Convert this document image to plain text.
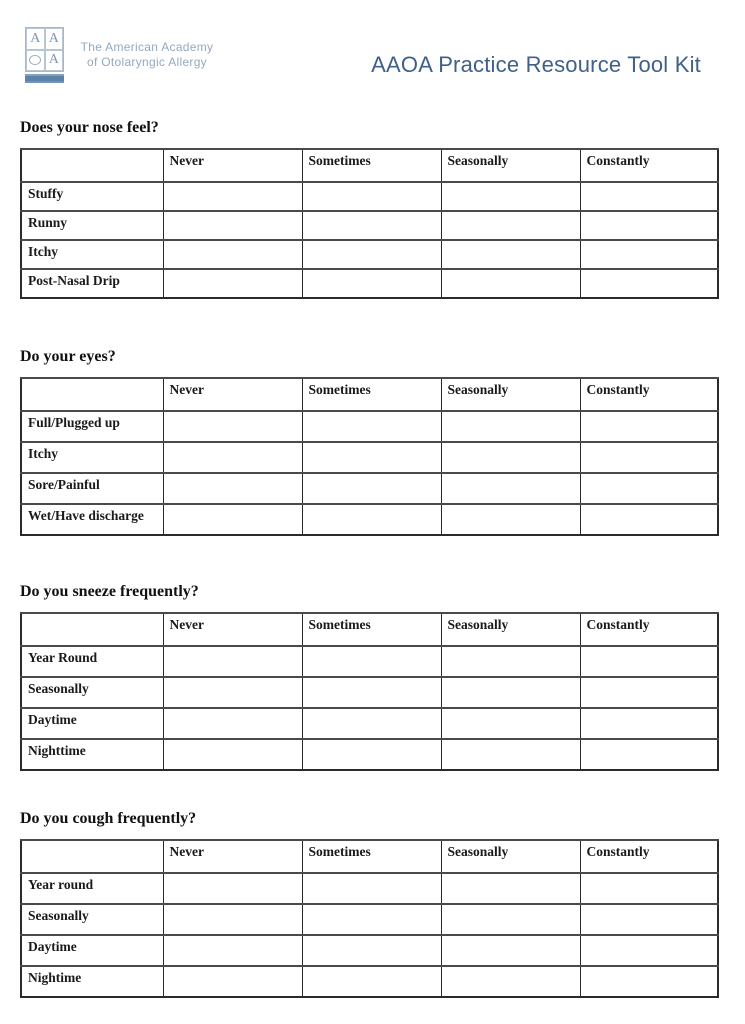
A A
A
The American Academy
of Otolaryngic Allergy	AAOA Practice Resource Tool Kit
Does your nose feel?
	Never	Sometimes	Seasonally	Constantly
Stuffy				
Runny				
Itchy				
Post-Nasal Drip				
Do your eyes?
	Never	Sometimes	Seasonally	Constantly
Full/Plugged up				
Itchy				
Sore/Painful				
Wet/Have discharge				
Do you sneeze frequently?
	Never	Sometimes	Seasonally	Constantly
Year Round				
Seasonally				
Daytime				
Nighttime				
Do you cough frequently?
	Never	Sometimes	Seasonally	Constantly
Year round				
Seasonally				
Daytime				
Nightime				
